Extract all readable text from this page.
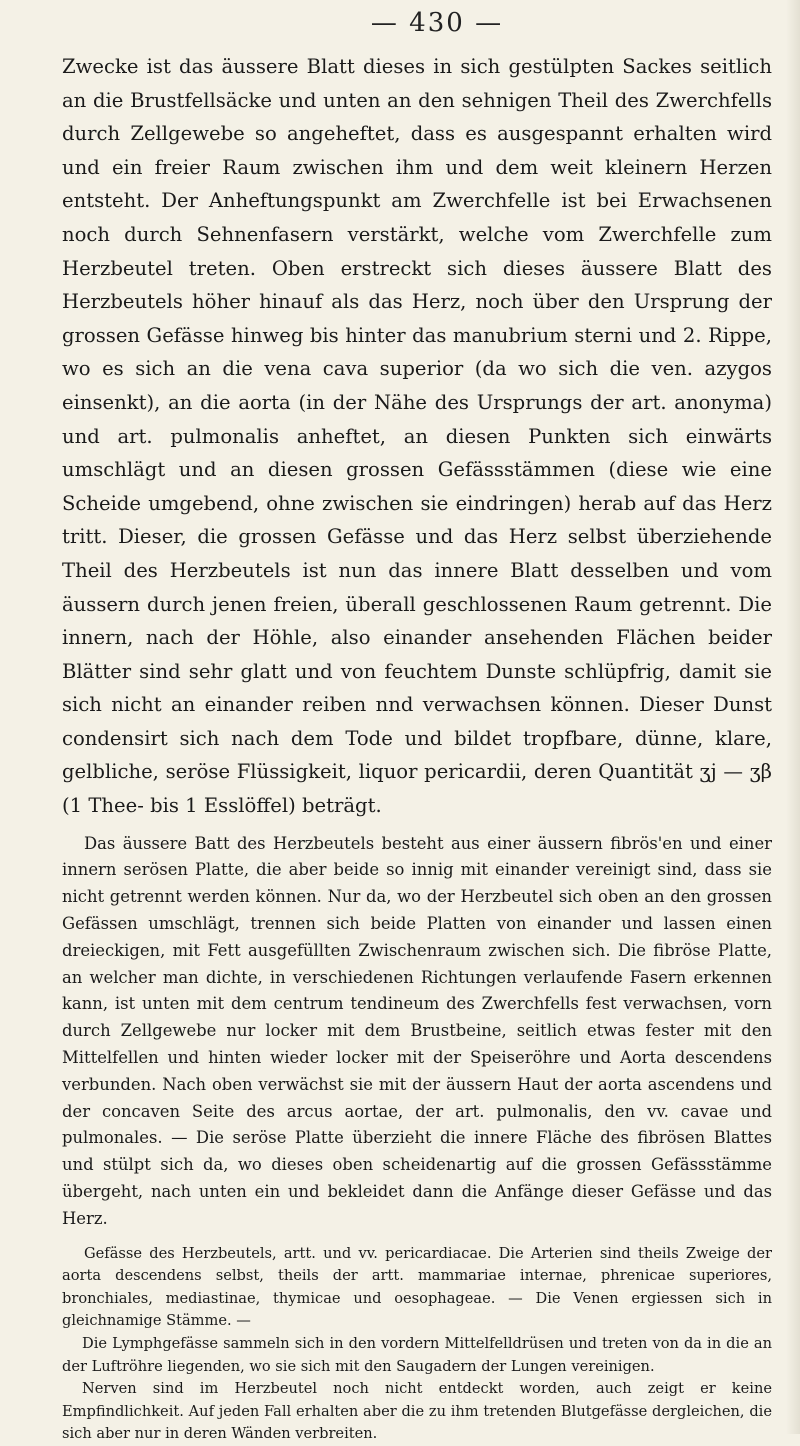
— 430 —

Zwecke ist das äussere Blatt dieses in sich gestülpten Sackes seitlich an die Brustfellsäcke und unten an den sehnigen Theil des Zwerchfells durch Zellgewebe so angeheftet, dass es ausgespannt erhalten wird und ein freier Raum zwischen ihm und dem weit kleinern Herzen entsteht. Der Anheftungspunkt am Zwerchfelle ist bei Erwachsenen noch durch Sehnenfasern verstärkt, welche vom Zwerchfelle zum Herzbeutel treten. Oben erstreckt sich dieses äussere Blatt des Herzbeutels höher hinauf als das Herz, noch über den Ursprung der grossen Gefässe hinweg bis hinter das manubrium sterni und 2. Rippe, wo es sich an die vena cava superior (da wo sich die ven. azygos einsenkt), an die aorta (in der Nähe des Ursprungs der art. anonyma) und art. pulmonalis anheftet, an diesen Punkten sich einwärts umschlägt und an diesen grossen Gefässstämmen (diese wie eine Scheide umgebend, ohne zwischen sie eindringen) herab auf das Herz tritt. Dieser, die grossen Gefässe und das Herz selbst überziehende Theil des Herzbeutels ist nun das innere Blatt desselben und vom äussern durch jenen freien, überall geschlossenen Raum getrennt. Die innern, nach der Höhle, also einander ansehenden Flächen beider Blätter sind sehr glatt und von feuchtem Dunste schlüpfrig, damit sie sich nicht an einander reiben nnd verwachsen können. Dieser Dunst condensirt sich nach dem Tode und bildet tropfbare, dünne, klare, gelbliche, seröse Flüssigkeit, liquor pericardii, deren Quantität ʒj — ʒβ (1 Thee- bis 1 Esslöffel) beträgt.

Das äussere Batt des Herzbeutels besteht aus einer äussern fibrös'en und einer innern serösen Platte, die aber beide so innig mit einander vereinigt sind, dass sie nicht getrennt werden können. Nur da, wo der Herzbeutel sich oben an den grossen Gefässen umschlägt, trennen sich beide Platten von einander und lassen einen dreieckigen, mit Fett ausgefüllten Zwischenraum zwischen sich. Die fibröse Platte, an welcher man dichte, in verschiedenen Richtungen verlaufende Fasern erkennen kann, ist unten mit dem centrum tendineum des Zwerchfells fest verwachsen, vorn durch Zellgewebe nur locker mit dem Brustbeine, seitlich etwas fester mit den Mittelfellen und hinten wieder locker mit der Speiseröhre und Aorta descendens verbunden. Nach oben verwächst sie mit der äussern Haut der aorta ascendens und der concaven Seite des arcus aortae, der art. pulmonalis, den vv. cavae und pulmonales. — Die seröse Platte überzieht die innere Fläche des fibrösen Blattes und stülpt sich da, wo dieses oben scheidenartig auf die grossen Gefässstämme übergeht, nach unten ein und bekleidet dann die Anfänge dieser Gefässe und das Herz.

Gefässe des Herzbeutels, artt. und vv. pericardiacae. Die Arterien sind theils Zweige der aorta descendens selbst, theils der artt. mammariae internae, phrenicae superiores, bronchiales, mediastinae, thymicae und oesophageae. — Die Venen ergiessen sich in gleichnamige Stämme. —

Die Lymphgefässe sammeln sich in den vordern Mittelfelldrüsen und treten von da in die an der Luftröhre liegenden, wo sie sich mit den Saugadern der Lungen vereinigen.

Nerven sind im Herzbeutel noch nicht entdeckt worden, auch zeigt er keine Empfindlichkeit. Auf jeden Fall erhalten aber die zu ihm tretenden Blutgefässe dergleichen, die sich aber nur in deren Wänden verbreiten.
